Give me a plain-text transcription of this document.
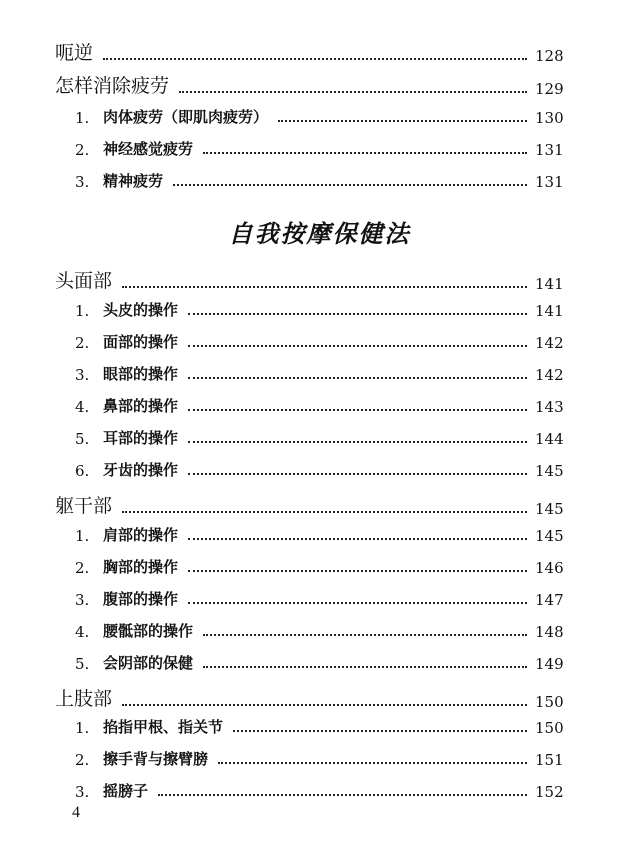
呃逆	128
怎样消除疲劳	129
1. 肉体疲劳（即肌肉疲劳）	130
2. 神经感觉疲劳	131
3. 精神疲劳	131
自我按摩保健法
头面部	141
1. 头皮的操作	141
2. 面部的操作	142
3. 眼部的操作	142
4. 鼻部的操作	143
5. 耳部的操作	144
6. 牙齿的操作	145
躯干部	145
1. 肩部的操作	145
2. 胸部的操作	146
3. 腹部的操作	147
4. 腰骶部的操作	148
5. 会阴部的保健	149
上肢部	150
1. 掐指甲根、指关节	150
2. 擦手背与擦臂膀	151
3. 摇膀子	152
4
